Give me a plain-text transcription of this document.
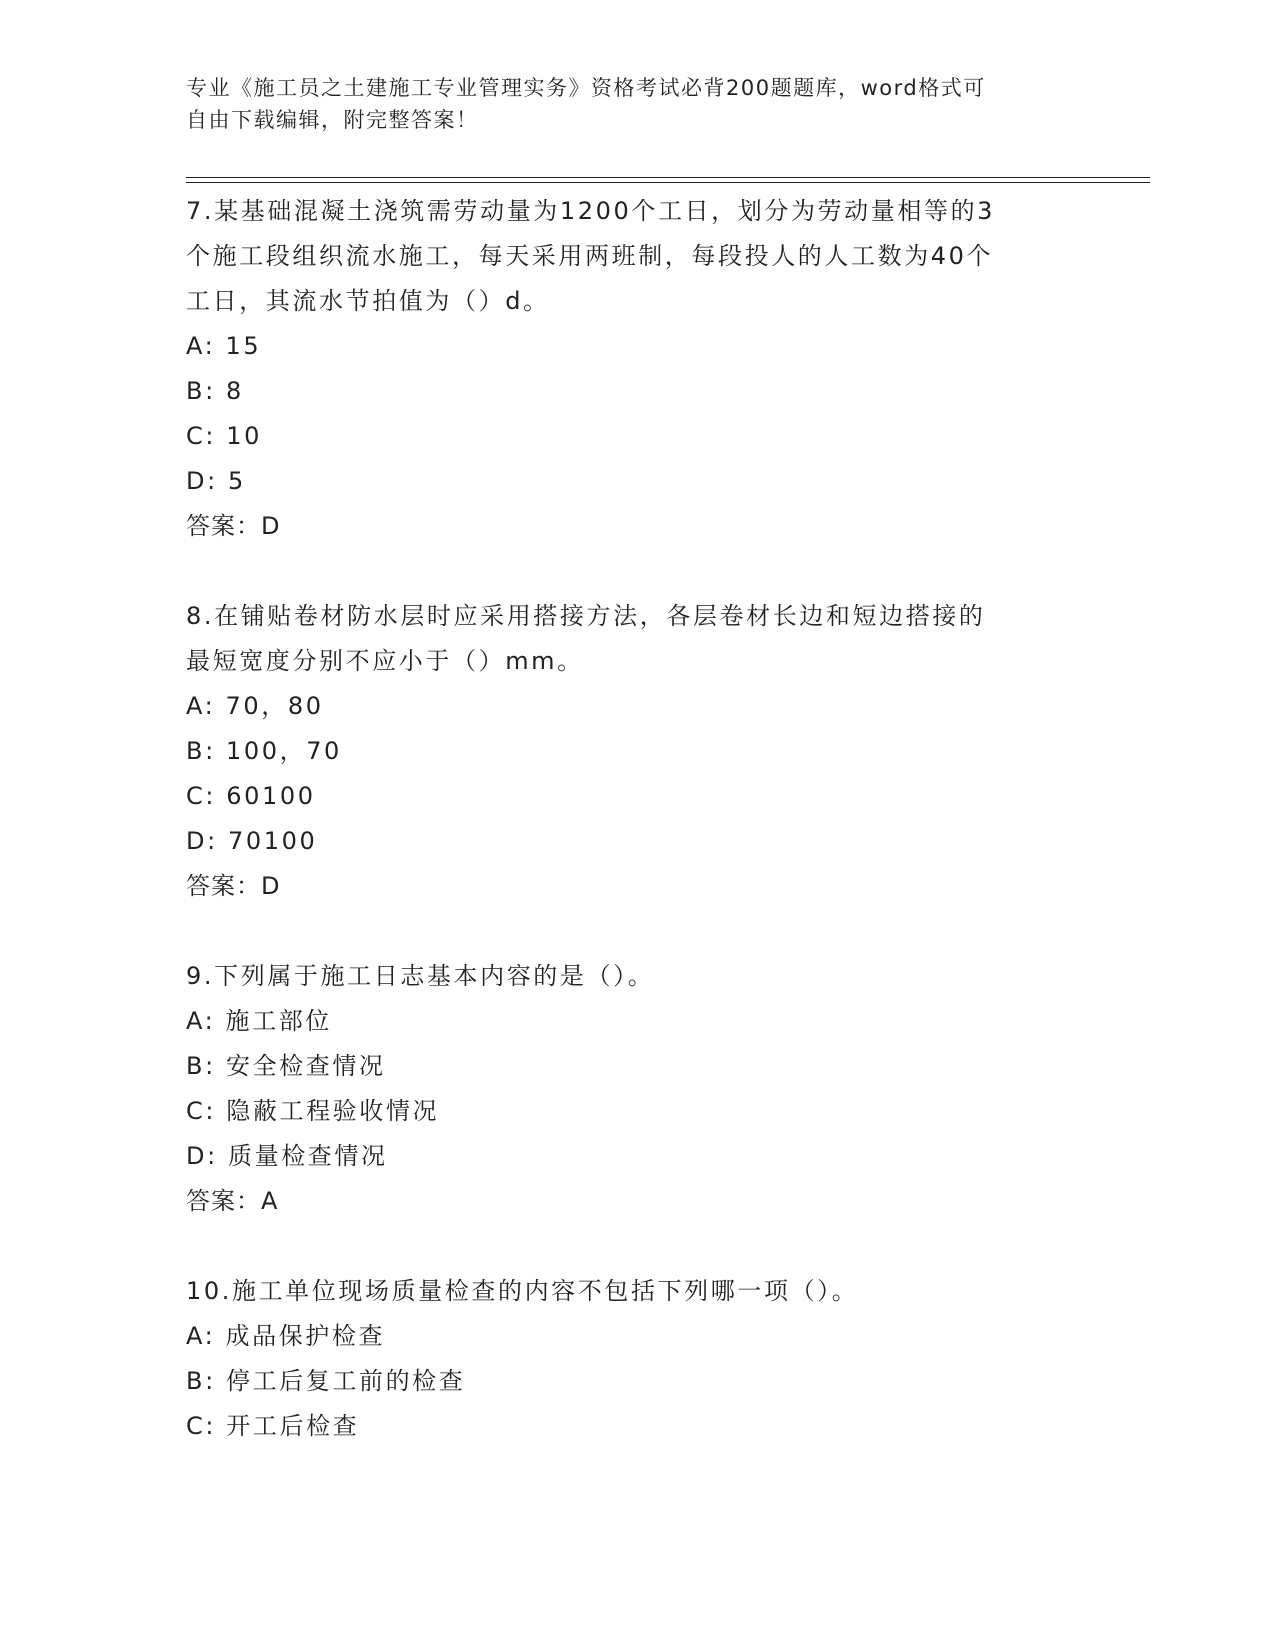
专业《施工员之土建施工专业管理实务》资格考试必背200题题库，word格式可
自由下载编辑，附完整答案！
7.某基础混凝土浇筑需劳动量为1200个工日，划分为劳动量相等的3
个施工段组织流水施工，每天采用两班制，每段投人的人工数为40个
工日，其流水节拍值为（）d。
A: 15
B: 8
C: 10
D: 5
答案：D
8.在铺贴卷材防水层时应采用搭接方法，各层卷材长边和短边搭接的
最短宽度分别不应小于（）mm。
A: 70，80
B: 100，70
C: 60100
D: 70100
答案：D
9.下列属于施工日志基本内容的是（）。
A: 施工部位
B: 安全检查情况
C: 隐蔽工程验收情况
D: 质量检查情况
答案：A
10.施工单位现场质量检查的内容不包括下列哪一项（）。
A: 成品保护检查
B: 停工后复工前的检查
C: 开工后检查
